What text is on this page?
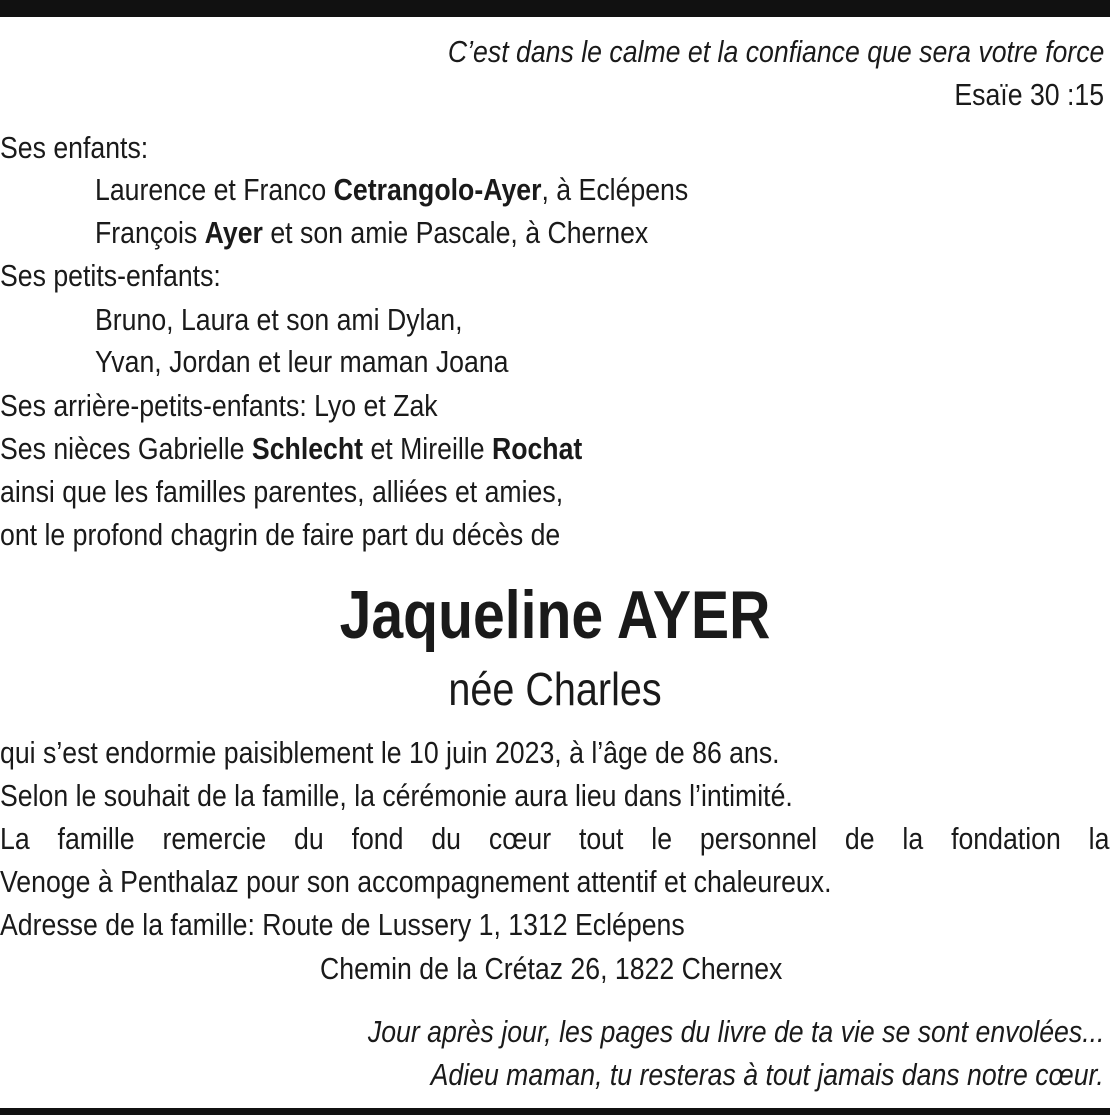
C’est dans le calme et la confiance que sera votre force
Esaïe 30 :15
Ses enfants:
Laurence et Franco Cetrangolo-Ayer, à Eclépens
François Ayer et son amie Pascale, à Chernex
Ses petits-enfants:
Bruno, Laura et son ami Dylan,
Yvan, Jordan et leur maman Joana
Ses arrière-petits-enfants: Lyo et Zak
Ses nièces Gabrielle Schlecht et Mireille Rochat
ainsi que les familles parentes, alliées et amies,
ont le profond chagrin de faire part du décès de
Jaqueline AYER
née Charles
qui s’est endormie paisiblement le 10 juin 2023, à l’âge de 86 ans.
Selon le souhait de la famille, la cérémonie aura lieu dans l’intimité.
La famille remercie du fond du cœur tout le personnel de la fondation la
Venoge à Penthalaz pour son accompagnement attentif et chaleureux.
Adresse de la famille: Route de Lussery 1, 1312 Eclépens
Chemin de la Crétaz 26, 1822 Chernex
Jour après jour, les pages du livre de ta vie se sont envolées...
Adieu maman, tu resteras à tout jamais dans notre cœur.
